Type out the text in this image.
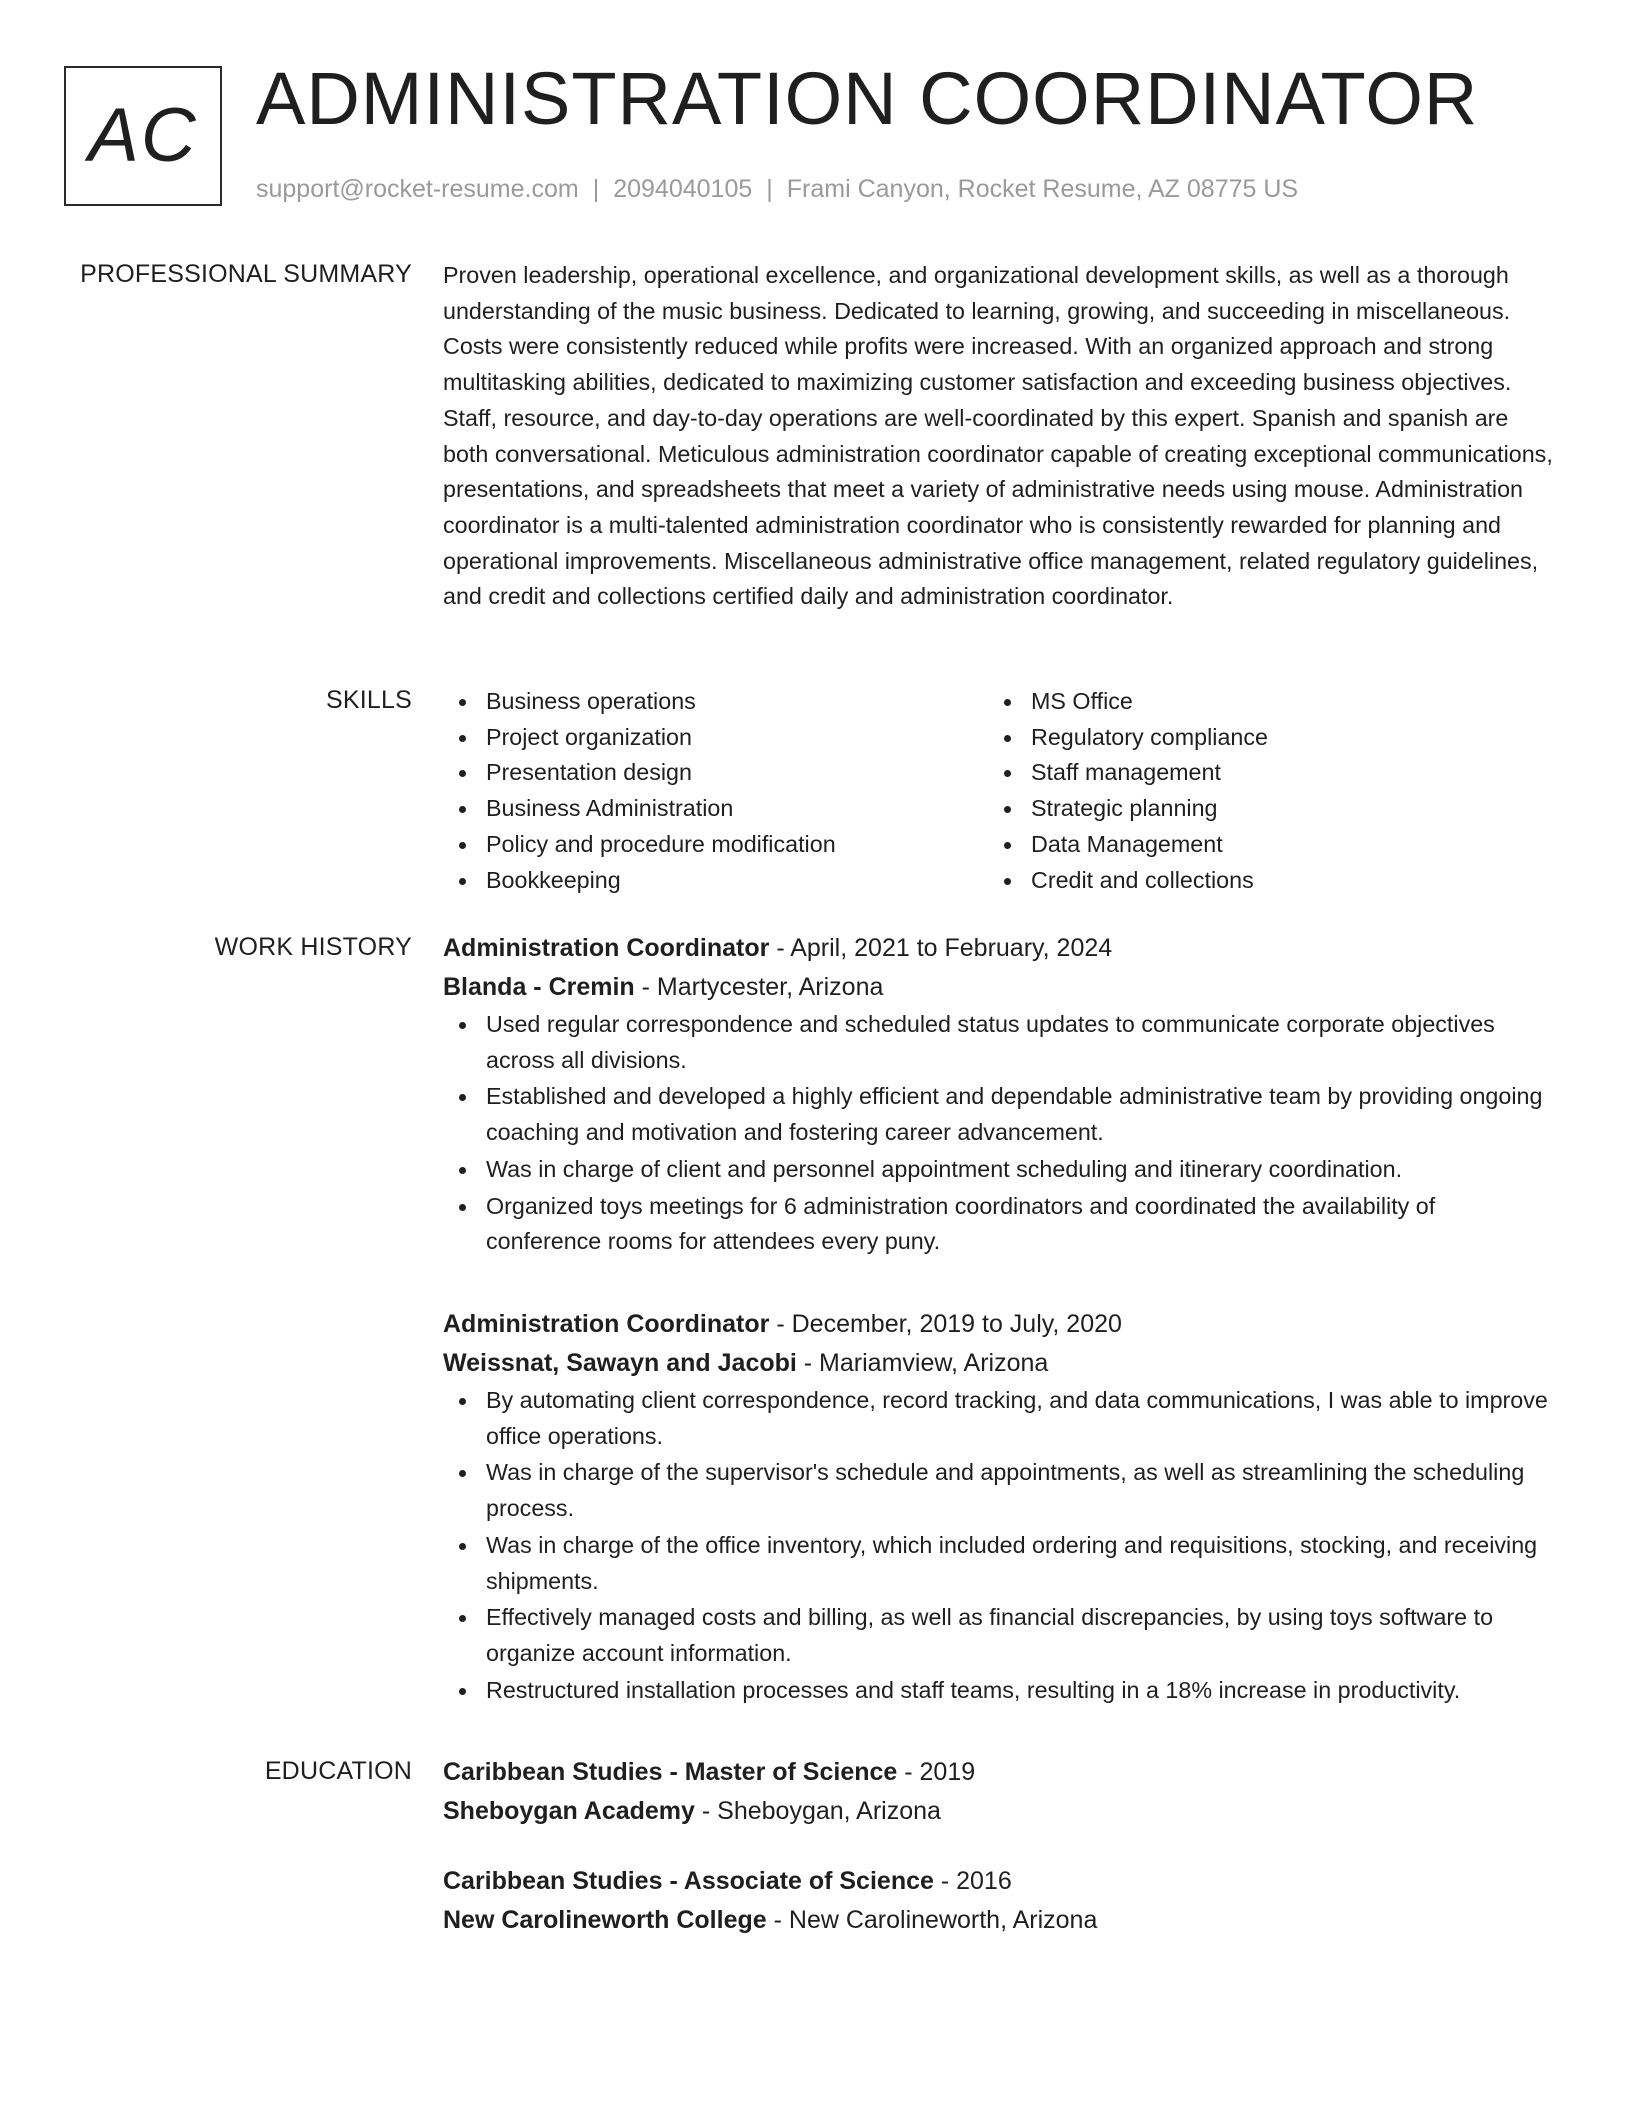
AC ADMINISTRATION COORDINATOR
support@rocket-resume.com | 2094040105 | Frami Canyon, Rocket Resume, AZ 08775 US
PROFESSIONAL SUMMARY Proven leadership, operational excellence, and organizational development skills, as well as a thorough understanding of the music business. Dedicated to learning, growing, and succeeding in miscellaneous. Costs were consistently reduced while profits were increased. With an organized approach and strong multitasking abilities, dedicated to maximizing customer satisfaction and exceeding business objectives. Staff, resource, and day-to-day operations are well-coordinated by this expert. Spanish and spanish are both conversational. Meticulous administration coordinator capable of creating exceptional communications, presentations, and spreadsheets that meet a variety of administrative needs using mouse. Administration coordinator is a multi-talented administration coordinator who is consistently rewarded for planning and operational improvements. Miscellaneous administrative office management, related regulatory guidelines, and credit and collections certified daily and administration coordinator.

SKILLS	Business operations
Project organization
Presentation design
Business Administration
Policy and procedure modification
Bookkeeping
MS Office
Regulatory compliance
Staff management
Strategic planning
Data Management
Credit and collections
WORK HISTORY Administration Coordinator - April, 2021 to February, 2024
Blanda - Cremin - Martycester, Arizona
Used regular correspondence and scheduled status updates to communicate corporate objectives across all divisions.
Established and developed a highly efficient and dependable administrative team by providing ongoing coaching and motivation and fostering career advancement.
Was in charge of client and personnel appointment scheduling and itinerary coordination.
Organized toys meetings for 6 administration coordinators and coordinated the availability of conference rooms for attendees every puny.
Administration Coordinator - December, 2019 to July, 2020
Weissnat, Sawayn and Jacobi - Mariamview, Arizona
By automating client correspondence, record tracking, and data communications, I was able to improve office operations.
Was in charge of the supervisor's schedule and appointments, as well as streamlining the scheduling process.
Was in charge of the office inventory, which included ordering and requisitions, stocking, and receiving shipments.
Effectively managed costs and billing, as well as financial discrepancies, by using toys software to organize account information.
Restructured installation processes and staff teams, resulting in a 18% increase in productivity.
EDUCATION Caribbean Studies - Master of Science - 2019
Sheboygan Academy - Sheboygan, Arizona
Caribbean Studies - Associate of Science - 2016
New Carolineworth College - New Carolineworth, Arizona
